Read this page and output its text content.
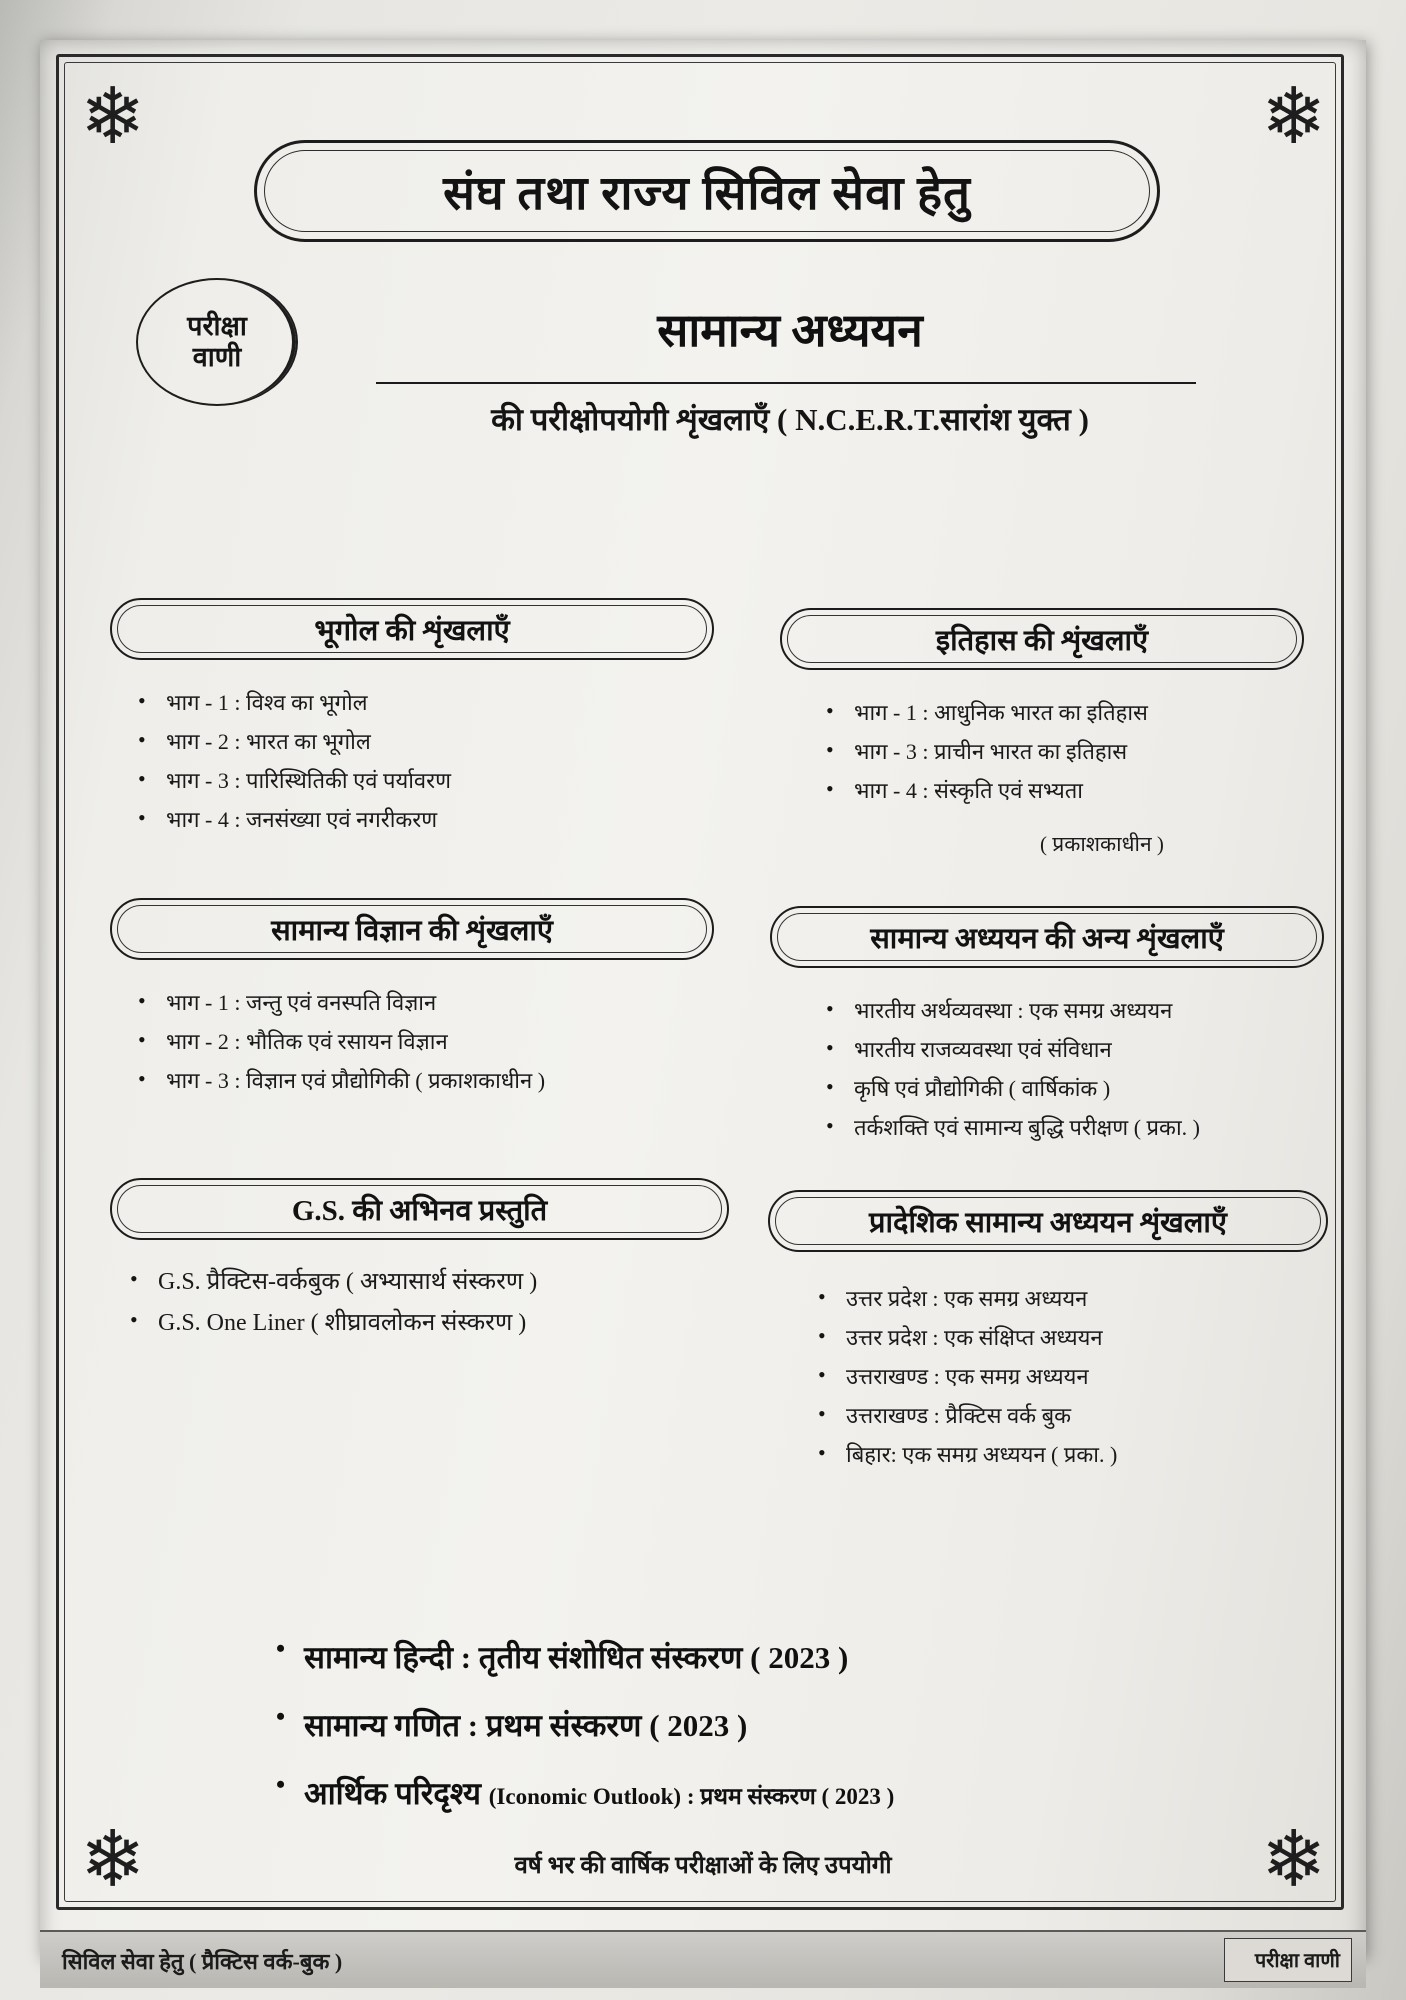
❄	❄
❄	❄
संघ तथा राज्य सिविल सेवा हेतु
परीक्षा
वाणी
सामान्य अध्ययन
की परीक्षोपयोगी शृंखलाएँ ( N.C.E.R.T.सारांश युक्त )
भूगोल की शृंखलाएँ
• भाग - 1 : विश्व का भूगोल
• भाग - 2 : भारत का भूगोल
• भाग - 3 : पारिस्थितिकी एवं पर्यावरण
• भाग - 4 : जनसंख्या एवं नगरीकरण
इतिहास की शृंखलाएँ
• भाग - 1 : आधुनिक भारत का इतिहास
• भाग - 3 : प्राचीन भारत का इतिहास
• भाग - 4 : संस्कृति एवं सभ्यता
( प्रकाशकाधीन )
सामान्य विज्ञान की शृंखलाएँ
• भाग - 1 : जन्तु एवं वनस्पति विज्ञान
• भाग - 2 : भौतिक एवं रसायन विज्ञान
• भाग - 3 : विज्ञान एवं प्रौद्योगिकी ( प्रकाशकाधीन )
सामान्य अध्ययन की अन्य शृंखलाएँ
• भारतीय अर्थव्यवस्था : एक समग्र अध्ययन
• भारतीय राजव्यवस्था एवं संविधान
• कृषि एवं प्रौद्योगिकी ( वार्षिकांक )
• तर्कशक्ति एवं सामान्य बुद्धि परीक्षण ( प्रका. )
G.S. की अभिनव प्रस्तुति
• G.S. प्रैक्टिस-वर्कबुक ( अभ्यासार्थ संस्करण )
• G.S. One Liner ( शीघ्रावलोकन संस्करण )
प्रादेशिक सामान्य अध्ययन शृंखलाएँ
• उत्तर प्रदेश : एक समग्र अध्ययन
• उत्तर प्रदेश : एक संक्षिप्त अध्ययन
• उत्तराखण्ड : एक समग्र अध्ययन
• उत्तराखण्ड : प्रैक्टिस वर्क बुक
• बिहार: एक समग्र अध्ययन ( प्रका. )
• सामान्य हिन्दी : तृतीय संशोधित संस्करण ( 2023 )
• सामान्य गणित : प्रथम संस्करण ( 2023 )
• आर्थिक परिदृश्य (Iconomic Outlook) : प्रथम संस्करण ( 2023 )
वर्ष भर की वार्षिक परीक्षाओं के लिए उपयोगी
सिविल सेवा हेतु ( प्रैक्टिस वर्क-बुक )	परीक्षा वाणी
